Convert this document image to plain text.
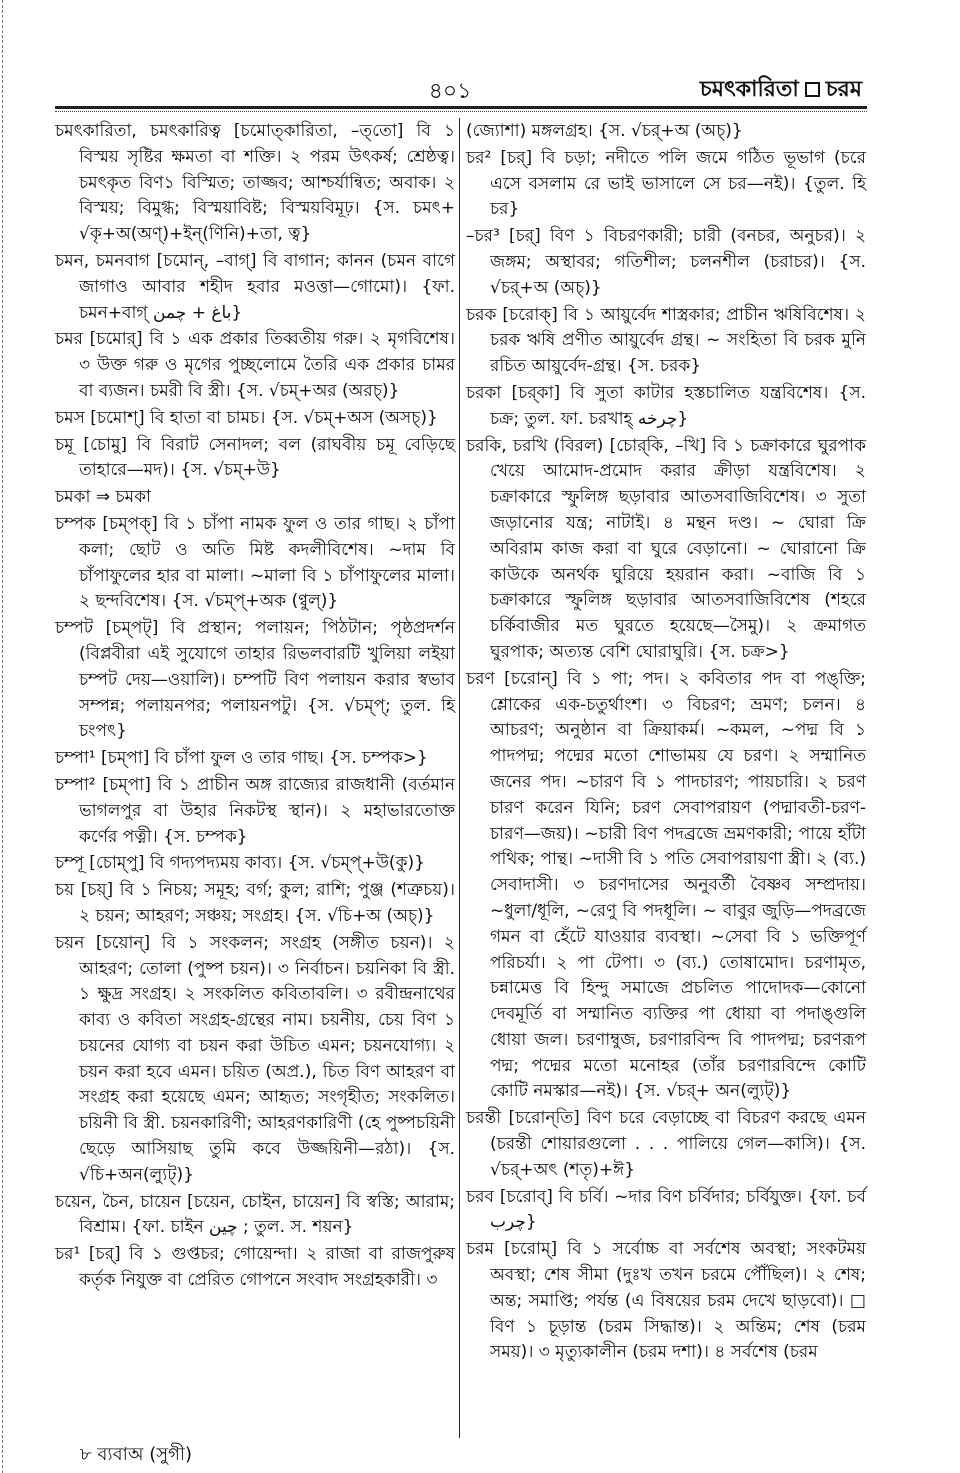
৪০১	চমৎকারিতা চরম

চমৎকারিতা, চমৎকারিত্ব [চমোত্‌কারিতা, –ত্‌তো] বি ১ বিস্ময় সৃষ্টির ক্ষমতা বা শক্তি। ২ পরম উৎকর্ষ; শ্রেষ্ঠত্ব। চমৎকৃত বিণ১ বিস্মিত; তাজ্জব; আশ্চর্যান্বিত; অবাক। ২ বিস্ময়; বিমুগ্ধ; বিস্ময়াবিষ্ট; বিস্ময়বিমূঢ়। {স. চমৎ+ √কৃ+অ(অণ্‌)+ইন্‌(ণিনি)+তা, ত্ব}

চমন, চমনবাগ [চমোন্‌, –বাগ্‌] বি বাগান; কানন (চমন বাগে জাগাও আবার শহীদ হবার মওত্তা—গোমো)। {ফা. চমন+বাগ্‌ باغ + چمن}

চমর [চমোর্‌] বি ১ এক প্রকার তিব্বতীয় গরু। ২ মৃগবিশেষ। ৩ উক্ত গরু ও মৃগের পুচ্ছলোমে তৈরি এক প্রকার চামর বা ব্যজন। চমরী বি স্ত্রী। {স. √চম্‌+অর (অরচ্‌)}

চমস [চমোশ্‌] বি হাতা বা চামচ। {স. √চম্‌+অস (অসচ্‌)}

চমূ [চোমু] বি বিরাট সেনাদল; বল (রাঘবীয় চমূ বেড়িছে তাহারে—মদ)। {স. √চম্‌+উ}

চমকা ⇒ চমকা

চম্পক [চম্‌পক্‌] বি ১ চাঁপা নামক ফুল ও তার গাছ। ২ চাঁপা কলা; ছোট ও অতি মিষ্ট কদলীবিশেষ। ~দাম বি চাঁপাফুলের হার বা মালা। ~মালা বি ১ চাঁপাফুলের মালা। ২ ছন্দবিশেষ। {স. √চম্প্‌+অক (ণ্বুল্‌)}

চম্পট [চম্‌পট্‌] বি প্রস্থান; পলায়ন; পিঠটান; পৃষ্ঠপ্রদর্শন (বিপ্লবীরা এই সুযোগে তাহার রিভলবারটি খুলিয়া লইয়া চম্পট দেয়—ওয়ালি)। চম্পটি বিণ পলায়ন করার স্বভাব সম্পন্ন; পলায়নপর; পলায়নপটু। {স. √চম্প্‌; তুল. হি চংপৎ}

চম্পা¹ [চম্‌পা] বি চাঁপা ফুল ও তার গাছ। {স. চম্পক>}

চম্পা² [চম্‌পা] বি ১ প্রাচীন অঙ্গ রাজ্যের রাজধানী (বর্তমান ভাগলপুর বা উহার নিকটস্থ স্থান)। ২ মহাভারতোক্ত কর্ণের পত্নী। {স. চম্পক}

চম্পূ [চোম্‌পু] বি গদ্যপদ্যময় কাব্য। {স. √চম্প্‌+উ(কু)}

চয় [চয়্‌] বি ১ নিচয়; সমূহ; বর্গ; কুল; রাশি; পুঞ্জ (শত্রুচয়)। ২ চয়ন; আহরণ; সঞ্চয়; সংগ্রহ। {স. √চি+অ (অচ্‌)}

চয়ন [চয়োন্‌] বি ১ সংকলন; সংগ্রহ (সঙ্গীত চয়ন)। ২ আহরণ; তোলা (পুষ্প চয়ন)। ৩ নির্বাচন। চয়নিকা বি স্ত্রী. ১ ক্ষুদ্র সংগ্রহ। ২ সংকলিত কবিতাবলি। ৩ রবীন্দ্রনাথের কাব্য ও কবিতা সংগ্রহ-গ্রন্থের নাম। চয়নীয়, চেয় বিণ ১ চয়নের যোগ্য বা চয়ন করা উচিত এমন; চয়নযোগ্য। ২ চয়ন করা হবে এমন। চয়িত (অপ্র.), চিত বিণ আহরণ বা সংগ্রহ করা হয়েছে এমন; আহৃত; সংগৃহীত; সংকলিত। চয়িনী বি স্ত্রী. চয়নকারিণী; আহরণকারিণী (হে পুষ্পচয়িনী ছেড়ে আসিয়াছ তুমি কবে উজ্জয়িনী—রঠা)। {স. √চি+অন(ল্যুট্‌)}

চয়েন, চৈন, চায়েন [চয়েন, চোইন, চায়েন] বি স্বস্তি; আরাম; বিশ্রাম। {ফা. চাইন چین ; তুল. স. শয়ন}

চর¹ [চর্‌] বি ১ গুপ্তচর; গোয়েন্দা। ২ রাজা বা রাজপুরুষ কর্তৃক নিযুক্ত বা প্রেরিত গোপনে সংবাদ সংগ্রহকারী। ৩

(জ্যোশা) মঙ্গলগ্রহ। {স. √চর্‌+অ (অচ্‌)}

চর² [চর্‌] বি চড়া; নদীতে পলি জমে গঠিত ভূভাগ (চরে এসে বসলাম রে ভাই ভাসালে সে চর—নই)। {তুল. হি চর}

–চর³ [চর্‌] বিণ ১ বিচরণকারী; চারী (বনচর, অনুচর)। ২ জঙ্গম; অস্থাবর; গতিশীল; চলনশীল (চরাচর)। {স. √চর্‌+অ (অচ্‌)}

চরক [চরোক্‌] বি ১ আয়ুর্বেদ শাস্ত্রকার; প্রাচীন ঋষিবিশেষ। ২ চরক ঋষি প্রণীত আয়ুর্বেদ গ্রন্থ। ~ সংহিতা বি চরক মুনি রচিত আয়ুর্বেদ-গ্রন্থ। {স. চরক}

চরকা [চর্‌কা] বি সুতা কাটার হস্তচালিত যন্ত্রবিশেষ। {স. চক্র; তুল. ফা. চরখাহ্‌ چرخه}

চরকি, চরখি (বিরল) [চোর্‌কি, –খি] বি ১ চক্রাকারে ঘুরপাক খেয়ে আমোদ-প্রমোদ করার ক্রীড়া যন্ত্রবিশেষ। ২ চক্রাকারে স্ফুলিঙ্গ ছড়াবার আতসবাজিবিশেষ। ৩ সুতা জড়ানোর যন্ত্র; নাটাই। ৪ মন্থন দণ্ড। ~ ঘোরা ক্রি অবিরাম কাজ করা বা ঘুরে বেড়ানো। ~ ঘোরানো ক্রি কাউকে অনর্থক ঘুরিয়ে হয়রান করা। ~বাজি বি ১ চক্রাকারে স্ফুলিঙ্গ ছড়াবার আতসবাজিবিশেষ (শহরে চর্কিবাজীর মত ঘুরতে হয়েছে—সৈমু)। ২ ক্রমাগত ঘুরপাক; অত্যন্ত বেশি ঘোরাঘুরি। {স. চক্র>}

চরণ [চরোন্‌] বি ১ পা; পদ। ২ কবিতার পদ বা পঙ্‌ক্তি; শ্লোকের এক-চতুর্থাংশ। ৩ বিচরণ; ভ্রমণ; চলন। ৪ আচরণ; অনুষ্ঠান বা ক্রিয়াকর্ম। ~কমল, ~পদ্ম বি ১ পাদপদ্ম; পদ্মের মতো শোভাময় যে চরণ। ২ সম্মানিত জনের পদ। ~চারণ বি ১ পাদচারণ; পায়চারি। ২ চরণ চারণ করেন যিনি; চরণ সেবাপরায়ণ (পদ্মাবতী-চরণ-চারণ—জয়)। ~চারী বিণ পদব্রজে ভ্রমণকারী; পায়ে হাঁটা পথিক; পান্থ। ~দাসী বি ১ পতি সেবাপরায়ণা স্ত্রী। ২ (ব্য.) সেবাদাসী। ৩ চরণদাসের অনুবর্তী বৈষ্ণব সম্প্রদায়। ~ধুলা/ধূলি, ~রেণু বি পদধূলি। ~ বাবুর জুড়ি—পদব্রজে গমন বা হেঁটে যাওয়ার ব্যবস্থা। ~সেবা বি ১ ভক্তিপূর্ণ পরিচর্যা। ২ পা টেপা। ৩ (ব্য.) তোষামোদ। চরণামৃত, চন্নামেত্ত বি হিন্দু সমাজে প্রচলিত পাদোদক—কোনো দেবমূর্তি বা সম্মানিত ব্যক্তির পা ধোয়া বা পদাঙ্গুলি ধোয়া জল। চরণাম্বুজ, চরণারবিন্দ বি পাদপদ্ম; চরণরূপ পদ্ম; পদ্মের মতো মনোহর (তাঁর চরণারবিন্দে কোটি কোটি নমস্কার—নই)। {স. √চর্‌+ অন(ল্যুট্‌)}

চরন্তী [চরোন্‌তি] বিণ চরে বেড়াচ্ছে বা বিচরণ করছে এমন (চরন্তী শোয়ারগুলো . . . পালিয়ে গেল—কাসি)। {স. √চর্‌+অৎ (শতৃ)+ঈ}

চরব [চরোব্‌] বি চর্বি। ~দার বিণ চর্বিদার; চর্বিযুক্ত। {ফা. চর্ব چرب}

চরম [চরোম্‌] বি ১ সর্বোচ্চ বা সর্বশেষ অবস্থা; সংকটময় অবস্থা; শেষ সীমা (দুঃখ তখন চরমে পৌঁছিল)। ২ শেষ; অন্ত; সমাপ্তি; পর্যন্ত (এ বিষয়ের চরম দেখে ছাড়বো)। □ বিণ ১ চূড়ান্ত (চরম সিদ্ধান্ত)। ২ অন্তিম; শেষ (চরম সময়)। ৩ মৃত্যুকালীন (চরম দশা)। ৪ সর্বশেষ (চরম

৮ ব্যবাঅ (সুগী)
